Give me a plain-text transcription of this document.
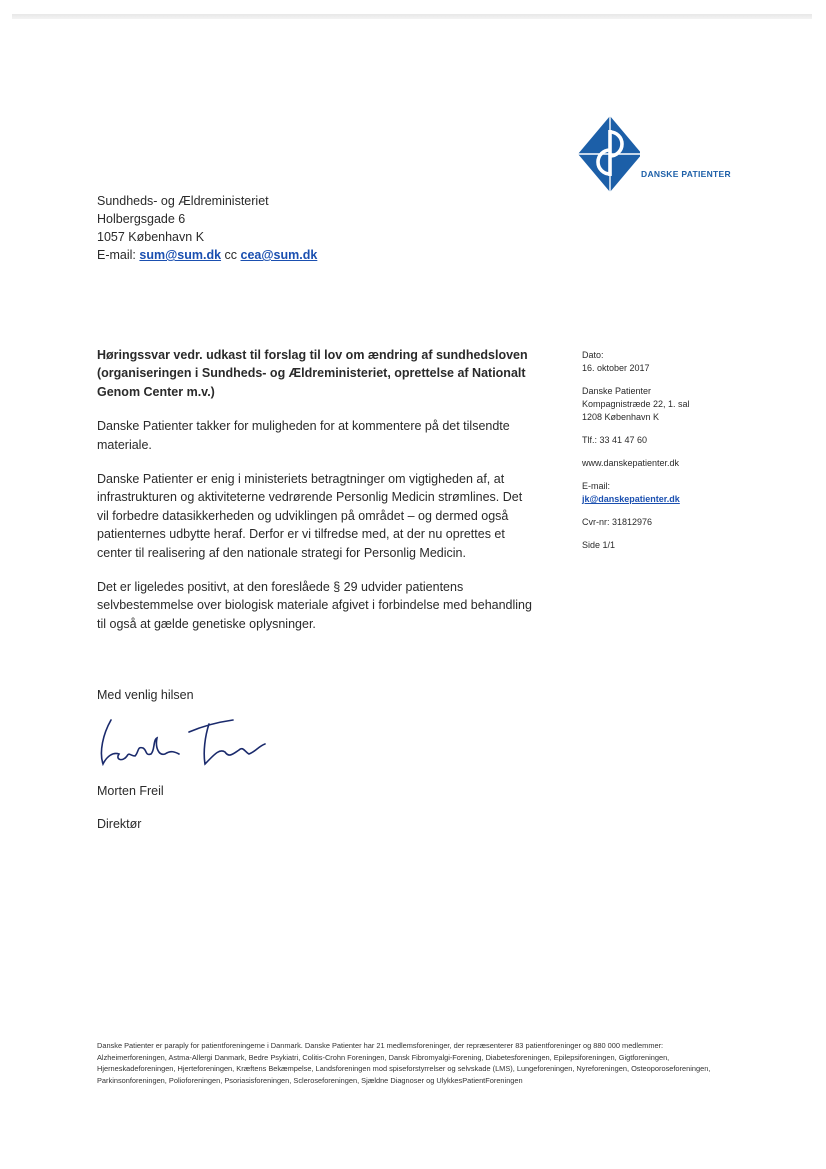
DANSKE PATIENTER
Sundheds- og Ældreministeriet
Holbergsgade 6
1057 København K
E-mail: sum@sum.dk cc cea@sum.dk

Høringssvar vedr. udkast til forslag til lov om ændring af sundhedsloven (organiseringen i Sundheds- og Ældreministeriet, oprettelse af Nationalt Genom Center m.v.)

Danske Patienter takker for muligheden for at kommentere på det tilsendte materiale.

Danske Patienter er enig i ministeriets betragtninger om vigtigheden af, at infrastrukturen og aktiviteterne vedrørende Personlig Medicin strømlines. Det vil forbedre datasikkerheden og udviklingen på området – og dermed også patienternes udbytte heraf. Derfor er vi tilfredse med, at der nu oprettes et center til realisering af den nationale strategi for Personlig Medicin.

Det er ligeledes positivt, at den foreslåede § 29 udvider patientens selvbestemmelse over biologisk materiale afgivet i forbindelse med behandling til også at gælde genetiske oplysninger.

Dato:
16. oktober 2017

Danske Patienter
Kompagnistræde 22, 1. sal
1208 København K

Tlf.: 33 41 47 60

www.danskepatienter.dk

E-mail:
jk@danskepatienter.dk

Cvr-nr: 31812976

Side 1/1

Med venlig hilsen
Morten Freil
Direktør
Danske Patienter er paraply for patientforeningerne i Danmark. Danske Patienter har 21 medlemsforeninger, der repræsenterer 83 patientforeninger og 880 000 medlemmer: Alzheimerforeningen, Astma-Allergi Danmark, Bedre Psykiatri, Colitis-Crohn Foreningen, Dansk Fibromyalgi-Forening, Diabetesforeningen, Epilepsiforeningen, Gigtforeningen, Hjerneskadeforeningen, Hjerteforeningen, Kræftens Bekæmpelse, Landsforeningen mod spiseforstyrrelser og selvskade (LMS), Lungeforeningen, Nyreforeningen, Osteoporoseforeningen, Parkinsonforeningen, Polioforeningen, Psoriasisforeningen, Scleroseforeningen, Sjældne Diagnoser og UlykkesPatientForeningen
